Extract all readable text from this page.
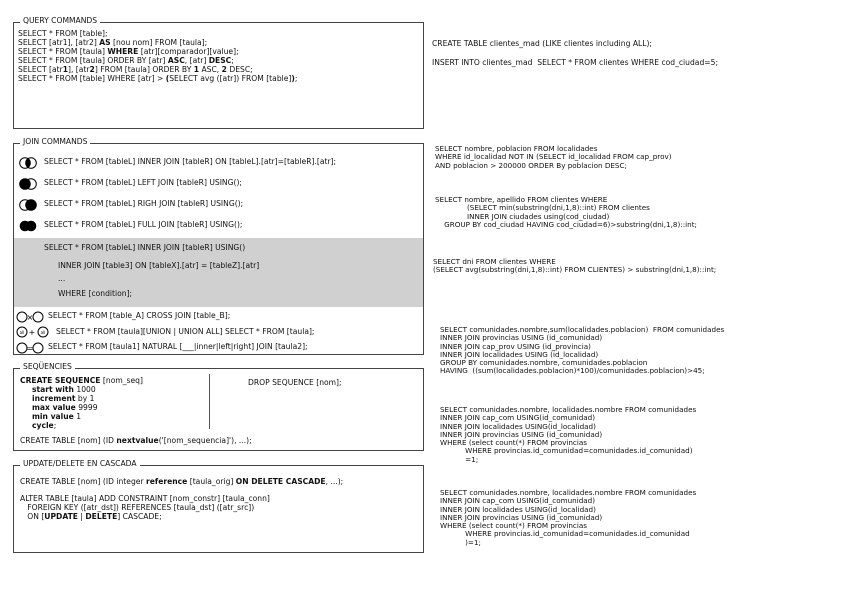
QUERY COMMANDS
SELECT * FROM [table];
SELECT [atr1], [atr2] AS [nou nom] FROM [taula];
SELECT * FROM [taula] WHERE [atr][comparador][value];
SELECT * FROM [taula] ORDER BY [atr] ASC, [atr] DESC;
SELECT [atr1], [atr2] FROM [taula] ORDER BY 1 ASC, 2 DESC;
SELECT * FROM [table] WHERE [atr] > (SELECT avg ([atr]) FROM [table]);
JOIN COMMANDS
SELECT * FROM [tableL] INNER JOIN [tableR] ON [tableL].[atr]=[tableR].[atr];
SELECT * FROM [tableL] LEFT JOIN [tableR] USING();
SELECT * FROM [tableL] RIGH JOIN [tableR] USING();
SELECT * FROM [tableL] FULL JOIN [tableR] USING();
SELECT * FROM [tableL] INNER JOIN [tableR] USING()
INNER JOIN [table3] ON [tableX].[atr] = [tableZ].[atr]
...
WHERE [condition];
× SELECT * FROM [table_A] CROSS JOIN [table_B];
all + all SELECT * FROM [taula][UNION | UNION ALL] SELECT * FROM [taula];
= SELECT * FROM [taula1] NATURAL [___|inner|left|right] JOIN [taula2];
SEQÜENCIES
CREATE SEQUENCE [nom_seq]
start with 1000
increment by 1
max value 9999
min value 1
cycle;
DROP SEQUENCE [nom];
CREATE TABLE [nom] (ID nextvalue('[nom_sequencia]'), ...);
UPDATE/DELETE EN CASCADA
CREATE TABLE [nom] (ID integer reference [taula_orig] ON DELETE CASCADE, ...);
ALTER TABLE [taula] ADD CONSTRAINT [nom_constr] [taula_conn]
FOREIGN KEY ([atr_dst]) REFERENCES [taula_dst] ([atr_src])
ON [UPDATE | DELETE] CASCADE;
CREATE TABLE clientes_mad (LIKE clientes including ALL);
INSERT INTO clientes_mad  SELECT * FROM clientes WHERE cod_ciudad=5;
SELECT nombre, poblacion FROM localidades
WHERE id_localidad NOT IN (SELECT id_localidad FROM cap_prov)
AND poblacion > 200000 ORDER By poblacion DESC;
SELECT nombre, apellido FROM clientes WHERE
(SELECT min(substring(dni,1,8)::int) FROM clientes
INNER JOIN ciudades using(cod_ciudad)
GROUP BY cod_ciudad HAVING cod_ciudad=6)>substring(dni,1,8)::int;
SELECT dni FROM clientes WHERE
(SELECT avg(substring(dni,1,8)::int) FROM CLIENTES) > substring(dni,1,8)::int;
SELECT comunidades.nombre,sum(localidades.poblacion)  FROM comunidades
INNER JOIN provincias USING (id_comunidad)
INNER JOIN cap_prov USING (id_provincia)
INNER JOIN localidades USING (id_localidad)
GROUP BY comunidades.nombre, comunidades.poblacion
HAVING  ((sum(localidades.poblacion)*100)/comunidades.poblacion)>45;
SELECT comunidades.nombre, localidades.nombre FROM comunidades
INNER JOIN cap_com USING(id_comunidad)
INNER JOIN localidades USING(id_localidad)
INNER JOIN provincias USING (id_comunidad)
WHERE (select count(*) FROM provincias
WHERE provincias.id_comunidad=comunidades.id_comunidad)
=1;
SELECT comunidades.nombre, localidades.nombre FROM comunidades
INNER JOIN cap_com USING(id_comunidad)
INNER JOIN localidades USING(id_localidad)
INNER JOIN provincias USING (id_comunidad)
WHERE (select count(*) FROM provincias
WHERE provincias.id_comunidad=comunidades.id_comunidad
)=1;
